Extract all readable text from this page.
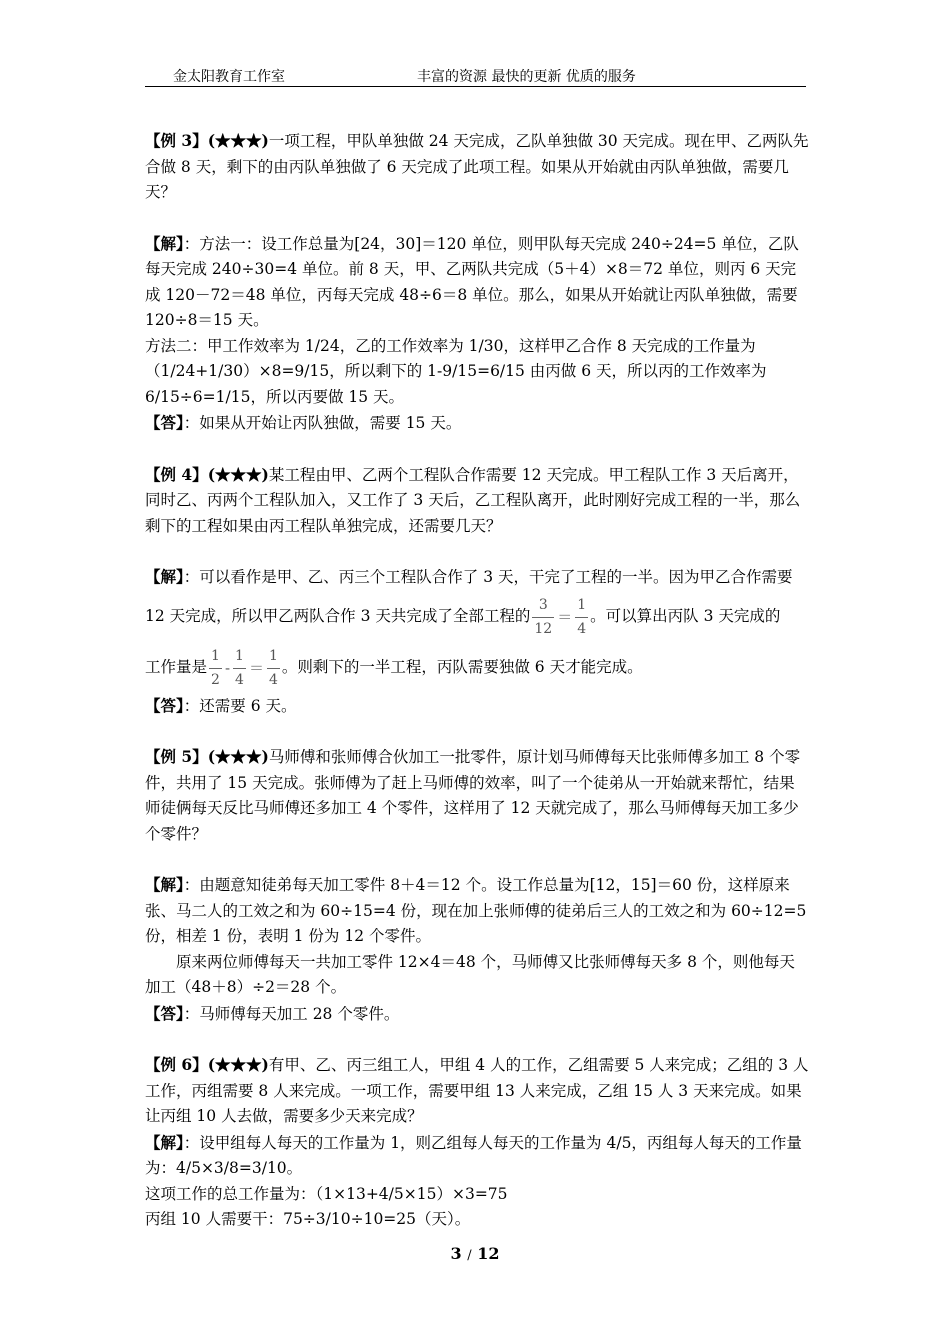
金太阳教育工作室	丰富的资源 最快的更新 优质的服务

【例 3】(★★★)一项工程，甲队单独做 24 天完成，乙队单独做 30 天完成。现在甲、乙两队先合做 8 天，剩下的由丙队单独做了 6 天完成了此项工程。如果从开始就由丙队单独做，需要几天？

【解】：方法一：设工作总量为[24，30]＝120 单位，则甲队每天完成 240÷24=5 单位，乙队每天完成 240÷30=4 单位。前 8 天，甲、乙两队共完成（5＋4）×8＝72 单位，则丙 6 天完成 120－72＝48 单位，丙每天完成 48÷6＝8 单位。那么，如果从开始就让丙队单独做，需要 120÷8＝15 天。

方法二：甲工作效率为 1/24，乙的工作效率为 1/30，这样甲乙合作 8 天完成的工作量为（1/24+1/30）×8=9/15，所以剩下的 1-9/15=6/15 由丙做 6 天，所以丙的工作效率为 6/15÷6=1/15，所以丙要做 15 天。

【答】：如果从开始让丙队独做，需要 15 天。

【例 4】(★★★)某工程由甲、乙两个工程队合作需要 12 天完成。甲工程队工作 3 天后离开，同时乙、丙两个工程队加入，又工作了 3 天后，乙工程队离开，此时刚好完成工程的一半，那么剩下的工程如果由丙工程队单独完成，还需要几天？

【解】：可以看作是甲、乙、丙三个工程队合作了 3 天，干完了工程的一半。因为甲乙合作需要

12 天完成，所以甲乙两队合作 3 天共完成了全部工程的 $\frac{3}{12} = \frac{1}{4}$ 。可以算出丙队 3 天完成的

工作量是 $\frac{1}{2} - \frac{1}{4} = \frac{1}{4}$ 。则剩下的一半工程，丙队需要独做 6 天才能完成。

【答】：还需要 6 天。

【例 5】(★★★)马师傅和张师傅合伙加工一批零件，原计划马师傅每天比张师傅多加工 8 个零件，共用了 15 天完成。张师傅为了赶上马师傅的效率，叫了一个徒弟从一开始就来帮忙，结果师徒俩每天反比马师傅还多加工 4 个零件，这样用了 12 天就完成了，那么马师傅每天加工多少个零件？

【解】：由题意知徒弟每天加工零件 8＋4＝12 个。设工作总量为[12，15]＝60 份，这样原来张、马二人的工效之和为 60÷15=4 份，现在加上张师傅的徒弟后三人的工效之和为 60÷12=5 份，相差 1 份，表明 1 份为 12 个零件。

原来两位师傅每天一共加工零件 12×4＝48 个，马师傅又比张师傅每天多 8 个，则他每天加工（48＋8）÷2＝28 个。

【答】：马师傅每天加工 28 个零件。

【例 6】(★★★)有甲、乙、丙三组工人，甲组 4 人的工作，乙组需要 5 人来完成；乙组的 3 人工作，丙组需要 8 人来完成。一项工作，需要甲组 13 人来完成，乙组 15 人 3 天来完成。如果让丙组 10 人去做，需要多少天来完成？

【解】：设甲组每人每天的工作量为 1，则乙组每人每天的工作量为 4/5，丙组每人每天的工作量为：4/5×3/8=3/10。

这项工作的总工作量为：（1×13+4/5×15）×3=75

丙组 10 人需要干：75÷3/10÷10=25（天）。

3 / 12
